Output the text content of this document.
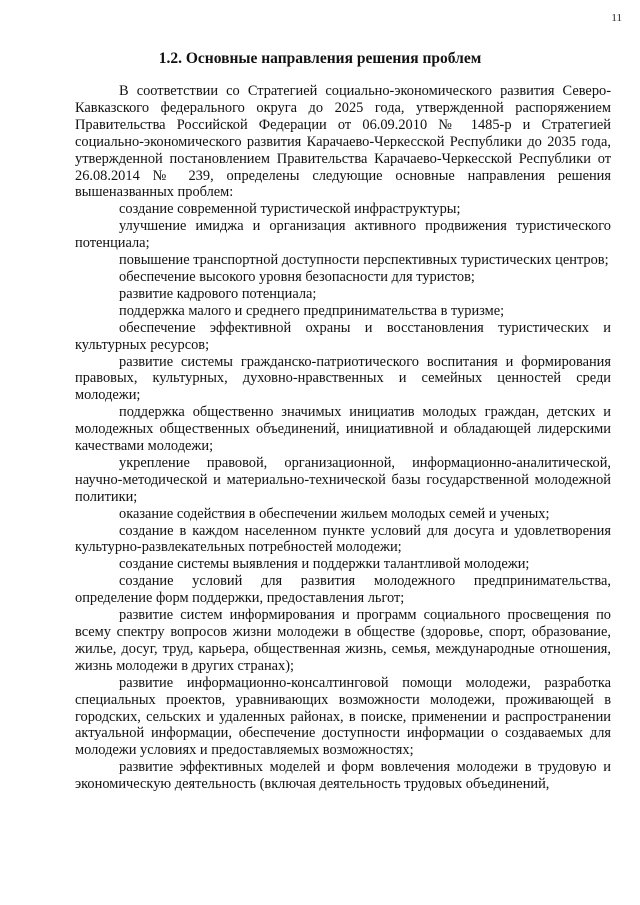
11
1.2. Основные направления решения проблем

В соответствии со Стратегией социально-экономического развития Северо-Кавказского федерального округа до 2025 года, утвержденной распоряжением Правительства Российской Федерации от 06.09.2010 № 1485-р и Стратегией социально-экономического развития Карачаево-Черкесской Республики до 2035 года, утвержденной постановлением Правительства Карачаево-Черкесской Республики от 26.08.2014 № 239, определены следующие основные направления решения вышеназванных проблем:

создание современной туристической инфраструктуры;

улучшение имиджа и организация активного продвижения туристического потенциала;

повышение транспортной доступности перспективных туристических центров;

обеспечение высокого уровня безопасности для туристов;

развитие кадрового потенциала;

поддержка малого и среднего предпринимательства в туризме;

обеспечение эффективной охраны и восстановления туристических и культурных ресурсов;

развитие системы гражданско-патриотического воспитания и формирования правовых, культурных, духовно-нравственных и семейных ценностей среди молодежи;

поддержка общественно значимых инициатив молодых граждан, детских и молодежных общественных объединений, инициативной и обладающей лидерскими качествами молодежи;

укрепление правовой, организационной, информационно-аналитической, научно-методической и материально-технической базы государственной молодежной политики;

оказание содействия в обеспечении жильем молодых семей и ученых;

создание в каждом населенном пункте условий для досуга и удовлетворения культурно-развлекательных потребностей молодежи;

создание системы выявления и поддержки талантливой молодежи;

создание условий для развития молодежного предпринимательства, определение форм поддержки, предоставления льгот;

развитие систем информирования и программ социального просвещения по всему спектру вопросов жизни молодежи в обществе (здоровье, спорт, образование, жилье, досуг, труд, карьера, общественная жизнь, семья, международные отношения, жизнь молодежи в других странах);

развитие информационно-консалтинговой помощи молодежи, разработка специальных проектов, уравнивающих возможности молодежи, проживающей в городских, сельских и удаленных районах, в поиске, применении и распространении актуальной информации, обеспечение доступности информации о создаваемых для молодежи условиях и предоставляемых возможностях;

развитие эффективных моделей и форм вовлечения молодежи в трудовую и экономическую деятельность (включая деятельность трудовых объединений,
